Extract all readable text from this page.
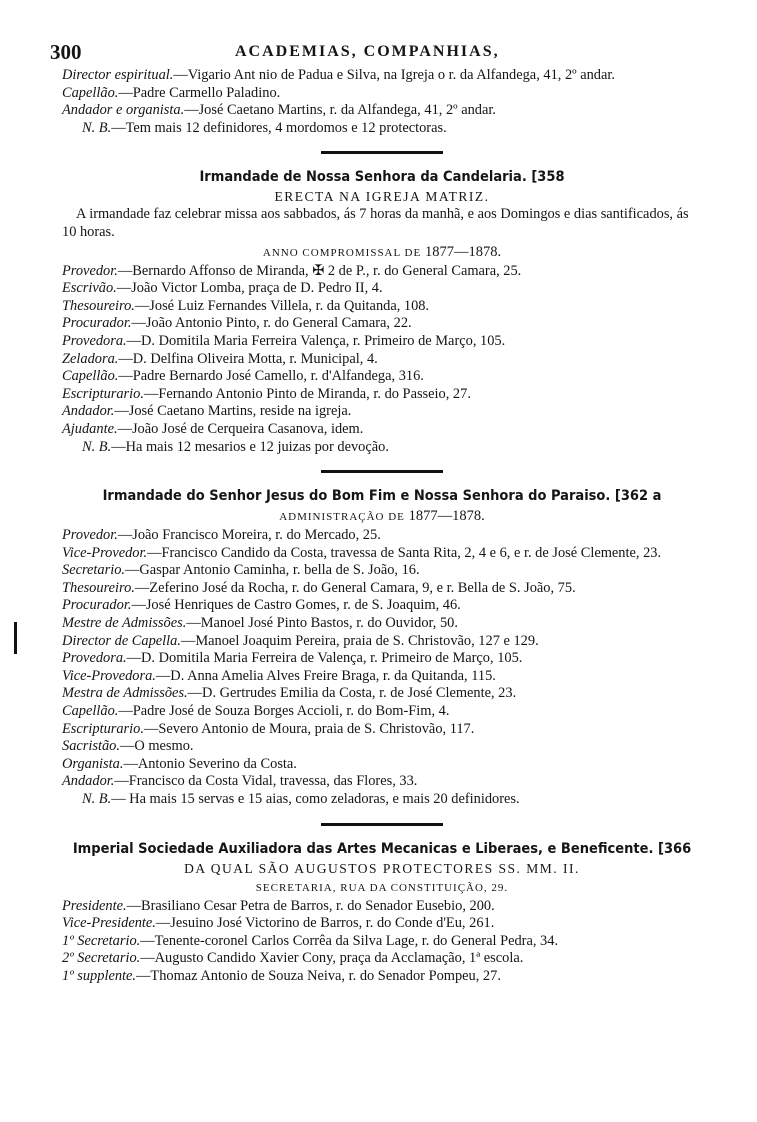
300	ACADEMIAS, COMPANHIAS,
Director espiritual.—Vigario Ant nio de Padua e Silva, na Igreja o r. da Alfandega, 41, 2º andar.
Capellão.—Padre Carmello Paladino.
Andador e organista.—José Caetano Martins, r. da Alfandega, 41, 2º andar.
N. B.—Tem mais 12 definidores, 4 mordomos e 12 protectoras.
Irmandade de Nossa Senhora da Candelaria. [358
ERECTA NA IGREJA MATRIZ.
A irmandade faz celebrar missa aos sabbados, ás 7 horas da manhã, e aos Domingos e dias santificados, ás 10 horas.
ANNO COMPROMISSAL DE 1877—1878.
Provedor.—Bernardo Affonso de Miranda, ✠ 2 de P., r. do General Camara, 25.
Escrivão.—João Victor Lomba, praça de D. Pedro II, 4.
Thesoureiro.—José Luiz Fernandes Villela, r. da Quitanda, 108.
Procurador.—João Antonio Pinto, r. do General Camara, 22.
Provedora.—D. Domitila Maria Ferreira Valença, r. Primeiro de Março, 105.
Zeladora.—D. Delfina Oliveira Motta, r. Municipal, 4.
Capellão.—Padre Bernardo José Camello, r. d'Alfandega, 316.
Escripturario.—Fernando Antonio Pinto de Miranda, r. do Passeio, 27.
Andador.—José Caetano Martins, reside na igreja.
Ajudante.—João José de Cerqueira Casanova, idem.
N. B.—Ha mais 12 mesarios e 12 juizas por devoção.
Irmandade do Senhor Jesus do Bom Fim e Nossa Senhora do Paraiso. [362 a
ADMINISTRAÇÃO DE 1877—1878.
Provedor.—João Francisco Moreira, r. do Mercado, 25.
Vice-Provedor.—Francisco Candido da Costa, travessa de Santa Rita, 2, 4 e 6, e r. de José Clemente, 23.
Secretario.—Gaspar Antonio Caminha, r. bella de S. João, 16.
Thesoureiro.—Zeferino José da Rocha, r. do General Camara, 9, e r. Bella de S. João, 75.
Procurador.—José Henriques de Castro Gomes, r. de S. Joaquim, 46.
Mestre de Admissões.—Manoel José Pinto Bastos, r. do Ouvidor, 50.
Director de Capella.—Manoel Joaquim Pereira, praia de S. Christovão, 127 e 129.
Provedora.—D. Domitila Maria Ferreira de Valença, r. Primeiro de Março, 105.
Vice-Provedora.—D. Anna Amelia Alves Freire Braga, r. da Quitanda, 115.
Mestra de Admissões.—D. Gertrudes Emilia da Costa, r. de José Clemente, 23.
Capellão.—Padre José de Souza Borges Accioli, r. do Bom-Fim, 4.
Escripturario.—Severo Antonio de Moura, praia de S. Christovão, 117.
Sacristão.—O mesmo.
Organista.—Antonio Severino da Costa.
Andador.—Francisco da Costa Vidal, travessa, das Flores, 33.
N. B.— Ha mais 15 servas e 15 aias, como zeladoras, e mais 20 definidores.
Imperial Sociedade Auxiliadora das Artes Mecanicas e Liberaes, e Beneficente. [366
DA QUAL SÃO AUGUSTOS PROTECTORES SS. MM. II.
SECRETARIA, RUA DA CONSTITUIÇÃO, 29.
Presidente.—Brasiliano Cesar Petra de Barros, r. do Senador Eusebio, 200.
Vice-Presidente.—Jesuino José Victorino de Barros, r. do Conde d'Eu, 261.
1º Secretario.—Tenente-coronel Carlos Corrêa da Silva Lage, r. do General Pedra, 34.
2º Secretario.—Augusto Candido Xavier Cony, praça da Acclamação, 1ª escola.
1º supplente.—Thomaz Antonio de Souza Neiva, r. do Senador Pompeu, 27.
